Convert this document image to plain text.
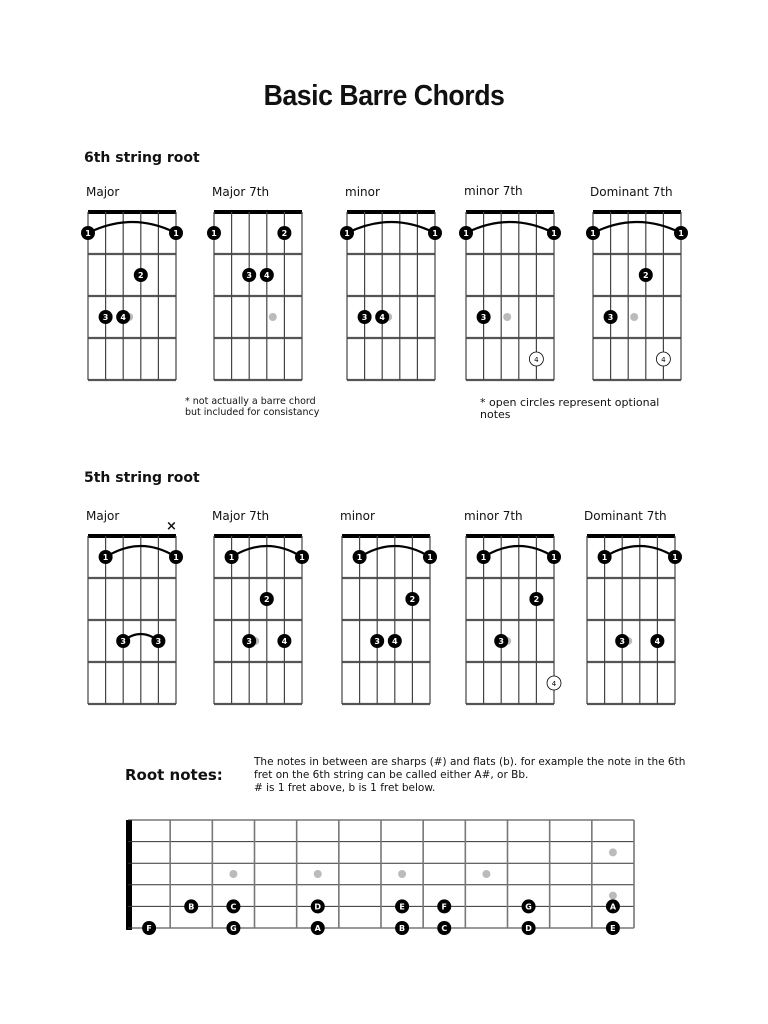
Basic Barre Chords
6th string root
5th string root
Major	Major 7th	minor	minor 7th	Dominant 7th
* not actually a barre chord
but included for consistancy
* open circles represent optional
notes
Major	Major 7th	minor	minor 7th	Dominant 7th
×
Root notes:
The notes in between are sharps (#) and flats (b). for example the note in the 6th
fret on the 6th string can be called either A#, or Bb.
# is 1 fret above, b is 1 fret below.
1	1
2
3 4
1	2
3 4
1	1
3 4
1	1
3
4
1	1
2
3
4
1	1
3	3
1	1
2
3	4
1	1
2
3 4
1	1
2
3
4
1	1
3	4
B	C	D	E	F	G	A
F	G	A	B	C	D	E
